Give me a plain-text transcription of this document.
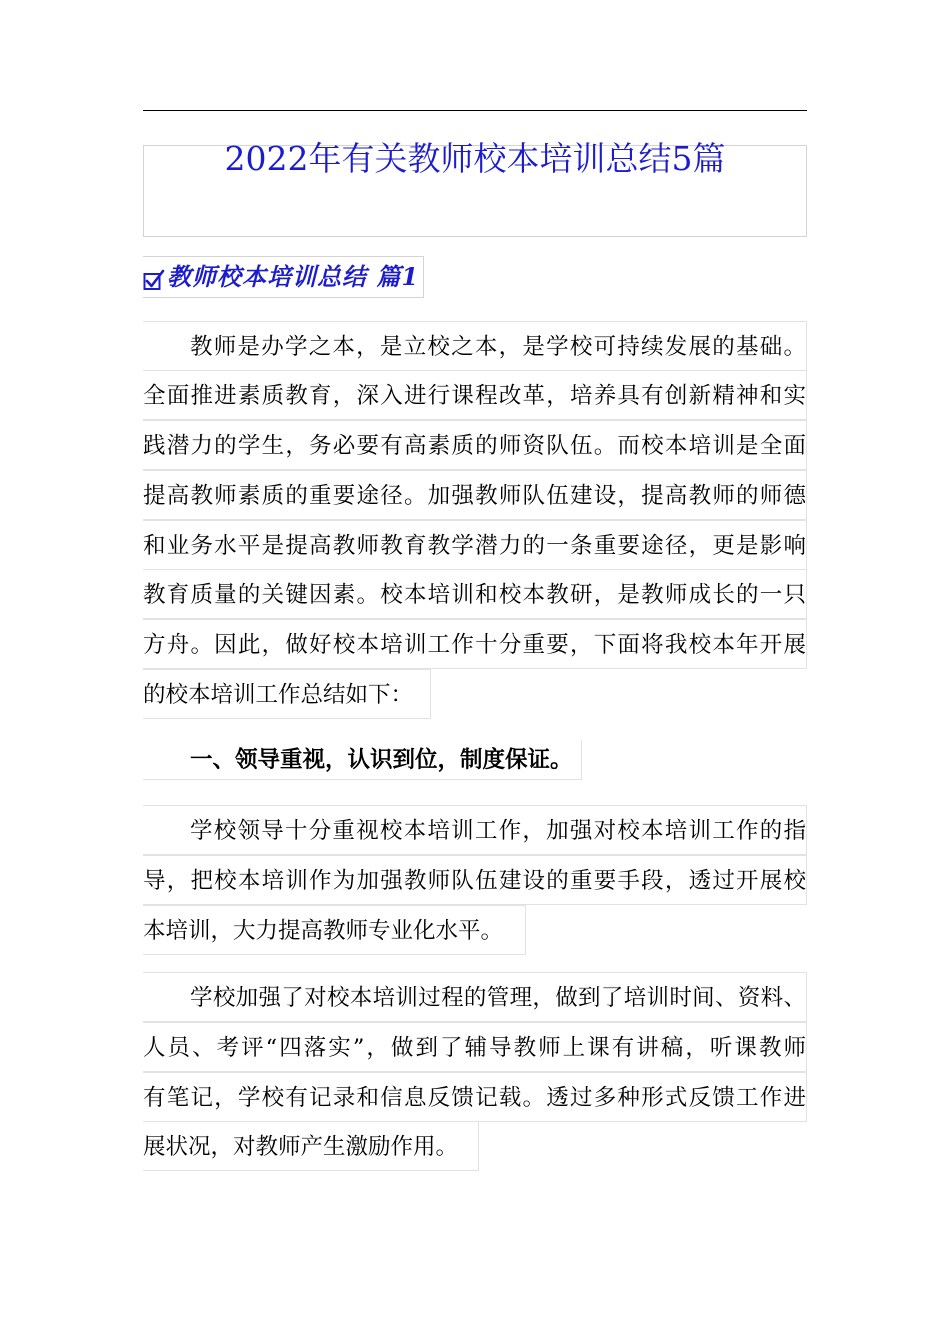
2022年有关教师校本培训总结5篇
教师校本培训总结 篇1
教师是办学之本，是立校之本，是学校可持续发展的基础。
全面推进素质教育，深入进行课程改革，培养具有创新精神和实
践潜力的学生，务必要有高素质的师资队伍。而校本培训是全面
提高教师素质的重要途径。加强教师队伍建设，提高教师的师德
和业务水平是提高教师教育教学潜力的一条重要途径，更是影响
教育质量的关键因素。校本培训和校本教研，是教师成长的一只
方舟。因此，做好校本培训工作十分重要，下面将我校本年开展
的校本培训工作总结如下：
一、领导重视，认识到位，制度保证。
学校领导十分重视校本培训工作，加强对校本培训工作的指
导，把校本培训作为加强教师队伍建设的重要手段，透过开展校
本培训，大力提高教师专业化水平。
学校加强了对校本培训过程的管理，做到了培训时间、资料、
人员、考评“四落实”，做到了辅导教师上课有讲稿，听课教师
有笔记，学校有记录和信息反馈记载。透过多种形式反馈工作进
展状况，对教师产生激励作用。
